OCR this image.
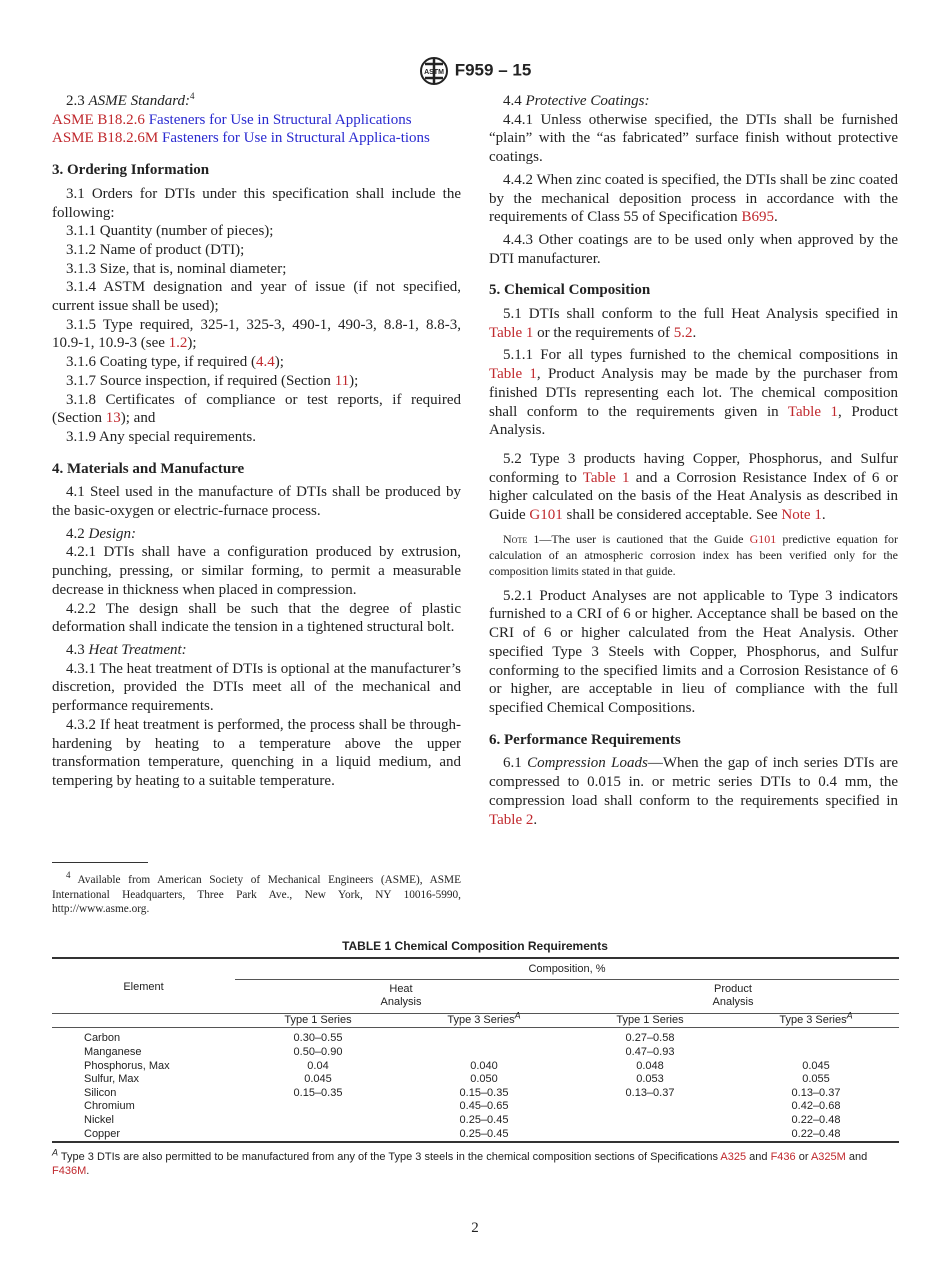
ASTM F959 – 15
2.3 ASME Standard:$^4$
ASME B18.2.6 Fasteners for Use in Structural Applications
ASME B18.2.6M Fasteners for Use in Structural Applica-tions
3. Ordering Information
3.1 Orders for DTIs under this specification shall include the following:
3.1.1 Quantity (number of pieces);
3.1.2 Name of product (DTI);
3.1.3 Size, that is, nominal diameter;
3.1.4 ASTM designation and year of issue (if not specified, current issue shall be used);
3.1.5 Type required, 325-1, 325-3, 490-1, 490-3, 8.8-1, 8.8-3, 10.9-1, 10.9-3 (see 1.2);
3.1.6 Coating type, if required (4.4);
3.1.7 Source inspection, if required (Section 11);
3.1.8 Certificates of compliance or test reports, if required (Section 13); and
3.1.9 Any special requirements.
4. Materials and Manufacture
4.1 Steel used in the manufacture of DTIs shall be produced by the basic-oxygen or electric-furnace process.
4.2 Design:
4.2.1 DTIs shall have a configuration produced by extrusion, punching, pressing, or similar forming, to permit a measurable decrease in thickness when placed in compression.
4.2.2 The design shall be such that the degree of plastic deformation shall indicate the tension in a tightened structural bolt.
4.3 Heat Treatment:
4.3.1 The heat treatment of DTIs is optional at the manufacturer’s discretion, provided the DTIs meet all of the mechanical and performance requirements.
4.3.2 If heat treatment is performed, the process shall be through-hardening by heating to a temperature above the upper transformation temperature, quenching in a liquid medium, and tempering by heating to a suitable temperature.
4.4 Protective Coatings:
4.4.1 Unless otherwise specified, the DTIs shall be furnished “plain” with the “as fabricated” surface finish without protective coatings.
4.4.2 When zinc coated is specified, the DTIs shall be zinc coated by the mechanical deposition process in accordance with the requirements of Class 55 of Specification B695.
4.4.3 Other coatings are to be used only when approved by the DTI manufacturer.
5. Chemical Composition
5.1 DTIs shall conform to the full Heat Analysis specified in Table 1 or the requirements of 5.2.
5.1.1 For all types furnished to the chemical compositions in Table 1, Product Analysis may be made by the purchaser from finished DTIs representing each lot. The chemical composition shall conform to the requirements given in Table 1, Product Analysis.
5.2 Type 3 products having Copper, Phosphorus, and Sulfur conforming to Table 1 and a Corrosion Resistance Index of 6 or higher calculated on the basis of the Heat Analysis as described in Guide G101 shall be considered acceptable. See Note 1.
Note 1—The user is cautioned that the Guide G101 predictive equation for calculation of an atmospheric corrosion index has been verified only for the composition limits stated in that guide.
5.2.1 Product Analyses are not applicable to Type 3 indicators furnished to a CRI of 6 or higher. Acceptance shall be based on the CRI of 6 or higher calculated from the Heat Analysis. Other specified Type 3 Steels with Copper, Phosphorus, and Sulfur conforming to the specified limits and a Corrosion Resistance of 6 or higher, are acceptable in lieu of compliance with the full specified Chemical Compositions.
6. Performance Requirements
6.1 Compression Loads—When the gap of inch series DTIs are compressed to 0.015 in. or metric series DTIs to 0.4 mm, the compression load shall conform to the requirements specified in Table 2.
$^4$ Available from American Society of Mechanical Engineers (ASME), ASME International Headquarters, Three Park Ave., New York, NY 10016-5990, http://www.asme.org.
TABLE 1 Chemical Composition Requirements
Element	Composition, %			
	Heat
Analysis		Product
Analysis	
	Type 1 Series	Type 3 Series$^A$	Type 1 Series	Type 3 Series$^A$
Carbon	0.30–0.55		0.27–0.58	
Manganese	0.50–0.90		0.47–0.93	
Phosphorus, Max	0.04	0.040	0.048	0.045
Sulfur, Max	0.045	0.050	0.053	0.055
Silicon	0.15–0.35	0.15–0.35	0.13–0.37	0.13–0.37
Chromium		0.45–0.65		0.42–0.68
Nickel		0.25–0.45		0.22–0.48
Copper		0.25–0.45		0.22–0.48
$^A$ Type 3 DTIs are also permitted to be manufactured from any of the Type 3 steels in the chemical composition sections of Specifications A325 and F436 or A325M and F436M.
2
